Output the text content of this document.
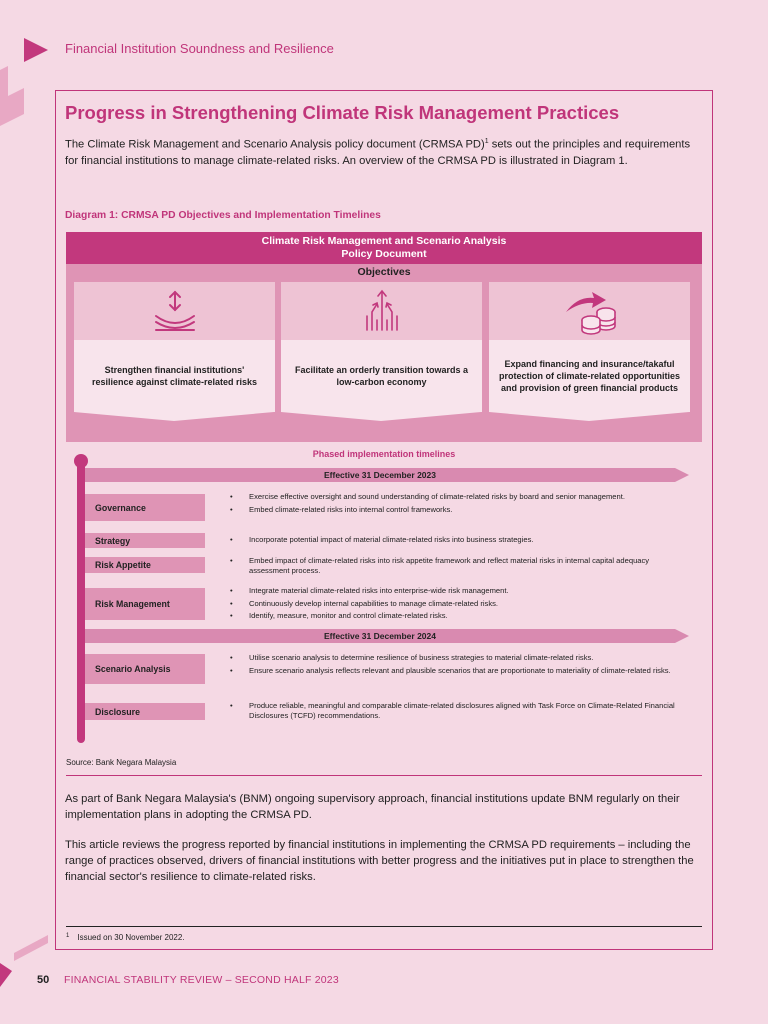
Financial Institution Soundness and Resilience
Progress in Strengthening Climate Risk Management Practices
The Climate Risk Management and Scenario Analysis policy document (CRMSA PD)$^1$ sets out the principles and requirements for financial institutions to manage climate-related risks. An overview of the CRMSA PD is illustrated in Diagram 1.
Diagram 1: CRMSA PD Objectives and Implementation Timelines
Climate Risk Management and Scenario Analysis
Policy Document
Objectives
Strengthen financial institutions' resilience against climate-related risks
Facilitate an orderly transition towards a low-carbon economy
Expand financing and insurance/takaful protection of climate-related opportunities and provision of green financial products
Phased implementation timelines
Effective 31 December 2023
Governance
• Exercise effective oversight and sound understanding of climate-related risks by board and senior management.
• Embed climate-related risks into internal control frameworks.
Strategy	• Incorporate potential impact of material climate-related risks into business strategies.
Risk Appetite	• Embed impact of climate-related risks into risk appetite framework and reflect material risks in internal capital adequacy assessment process.
Risk Management
• Integrate material climate-related risks into enterprise-wide risk management.
• Continuously develop internal capabilities to manage climate-related risks.
• Identify, measure, monitor and control climate-related risks.
Effective 31 December 2024
Scenario Analysis
• Utilise scenario analysis to determine resilience of business strategies to material climate-related risks.
• Ensure scenario analysis reflects relevant and plausible scenarios that are proportionate to materiality of climate-related risks.
Disclosure
• Produce reliable, meaningful and comparable climate-related disclosures aligned with Task Force on Climate-Related Financial Disclosures (TCFD) recommendations.
Source: Bank Negara Malaysia
As part of Bank Negara Malaysia's (BNM) ongoing supervisory approach, financial institutions update BNM regularly on their implementation plans in adopting the CRMSA PD.
This article reviews the progress reported by financial institutions in implementing the CRMSA PD requirements – including the range of practices observed, drivers of financial institutions with better progress and the initiatives put in place to strengthen the financial sector's resilience to climate-related risks.
$^1$ Issued on 30 November 2022.
50 FINANCIAL STABILITY REVIEW – SECOND HALF 2023
